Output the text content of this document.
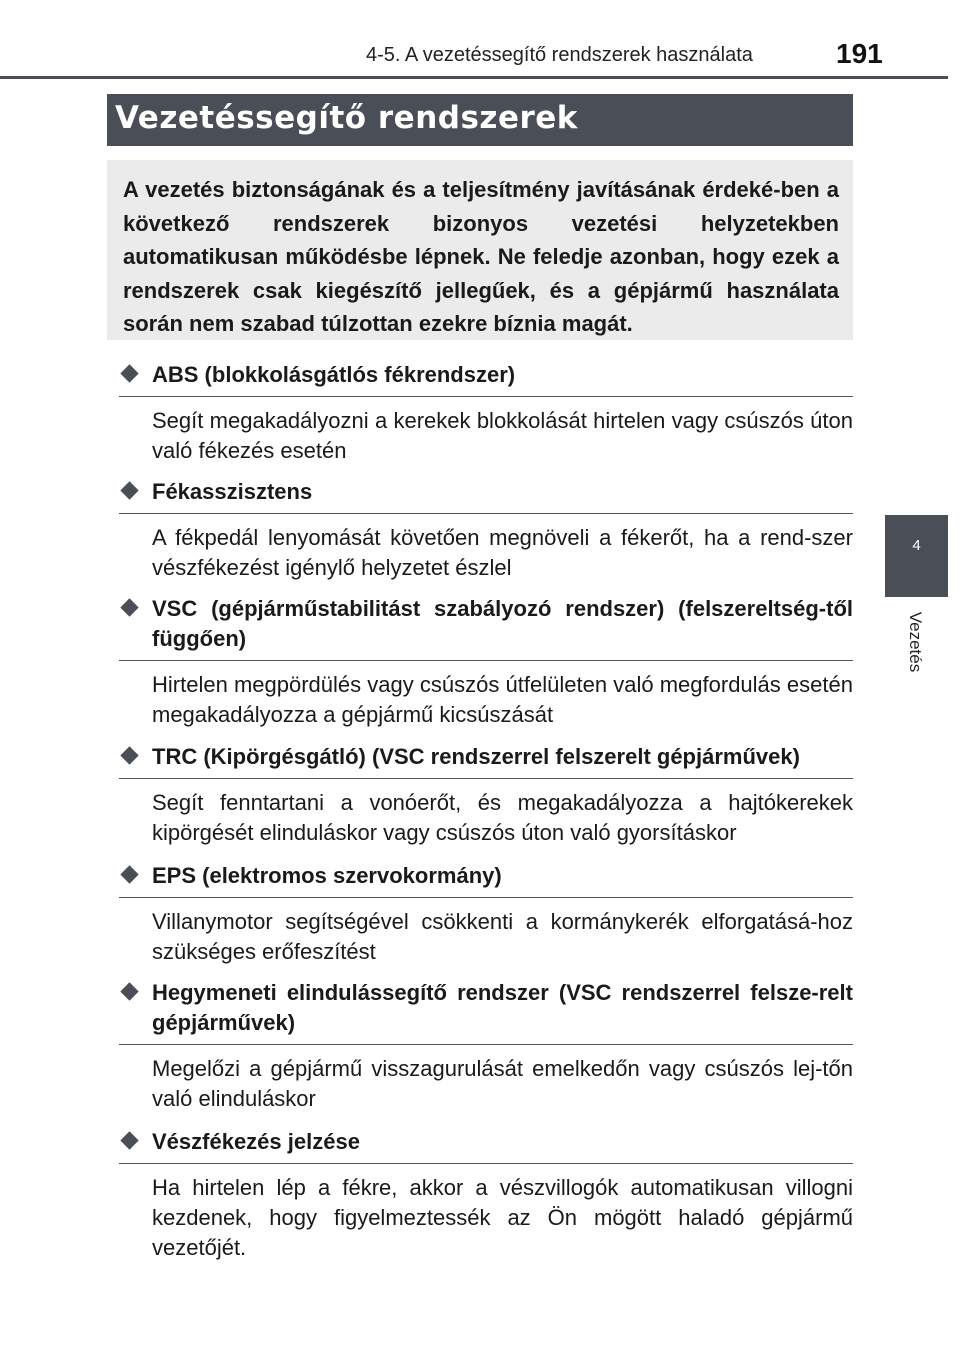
4-5. A vezetéssegítő rendszerek használata	191
4
Vezetés
Vezetéssegítő rendszerek

A vezetés biztonságának és a teljesítmény javításának érdeké-ben a következő rendszerek bizonyos vezetési helyzetekben automatikusan működésbe lépnek. Ne feledje azonban, hogy ezek a rendszerek csak kiegészítő jellegűek, és a gépjármű használata során nem szabad túlzottan ezekre bíznia magát.

ABS (blokkolásgátlós fékrendszer)
Segít megakadályozni a kerekek blokkolását hirtelen vagy csúszós úton való fékezés esetén
Fékasszisztens
A fékpedál lenyomását követően megnöveli a fékerőt, ha a rend-szer vészfékezést igénylő helyzetet észlel
VSC (gépjárműstabilitást szabályozó rendszer) (felszereltség-től függően)
Hirtelen megpördülés vagy csúszós útfelületen való megfordulás esetén megakadályozza a gépjármű kicsúszását
TRC (Kipörgésgátló) (VSC rendszerrel felszerelt gépjárművek)
Segít fenntartani a vonóerőt, és megakadályozza a hajtókerekek kipörgését elinduláskor vagy csúszós úton való gyorsításkor
EPS (elektromos szervokormány)
Villanymotor segítségével csökkenti a kormánykerék elforgatásá-hoz szükséges erőfeszítést
Hegymeneti elindulássegítő rendszer (VSC rendszerrel felsze-relt gépjárművek)
Megelőzi a gépjármű visszagurulását emelkedőn vagy csúszós lej-tőn való elinduláskor
Vészfékezés jelzése
Ha hirtelen lép a fékre, akkor a vészvillogók automatikusan villogni kezdenek, hogy figyelmeztessék az Ön mögött haladó gépjármű vezetőjét.
